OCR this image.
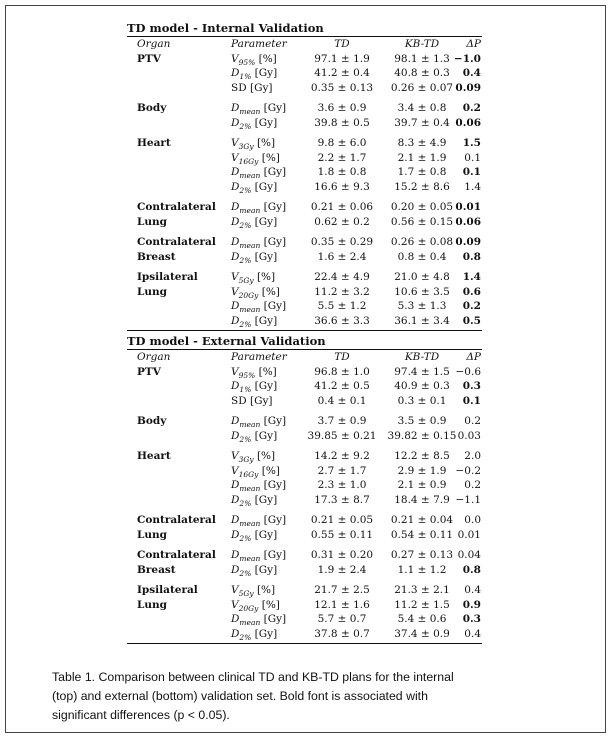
TD model - Internal Validation
Organ	Parameter	TD	KB-TD	ΔP
PTV	$V_{95\%}$ [%]	97.1 ± 1.9	98.1 ± 1.3 −1.0
$D_{1\%}$ [Gy]	41.2 ± 0.4	40.8 ± 0.3	0.4
SD [Gy]	0.35 ± 0.13	0.26 ± 0.07 0.09
Body	$D_{mean}$ [Gy]	3.6 ± 0.9	3.4 ± 0.8	0.2
$D_{2\%}$ [Gy]	39.8 ± 0.5	39.7 ± 0.4 0.06
Heart	$V_{3Gy}$ [%]	9.8 ± 6.0	8.3 ± 4.9	1.5
$V_{16Gy}$ [%]	2.2 ± 1.7	2.1 ± 1.9	0.1
$D_{mean}$ [Gy]	1.8 ± 0.8	1.7 ± 0.8	0.1
$D_{2\%}$ [Gy]	16.6 ± 9.3	15.2 ± 8.6	1.4
Contralateral $D_{mean}$ [Gy]	0.21 ± 0.06	0.20 ± 0.05 0.01
Lung	$D_{2\%}$ [Gy]	0.62 ± 0.2	0.56 ± 0.15 0.06
Contralateral $D_{mean}$ [Gy]	0.35 ± 0.29	0.26 ± 0.08 0.09
Breast	$D_{2\%}$ [Gy]	1.6 ± 2.4	0.8 ± 0.4	0.8
Ipsilateral	$V_{5Gy}$ [%]	22.4 ± 4.9	21.0 ± 4.8	1.4
Lung	$V_{20Gy}$ [%]	11.2 ± 3.2	10.6 ± 3.5	0.6
$D_{mean}$ [Gy]	5.5 ± 1.2	5.3 ± 1.3	0.2
$D_{2\%}$ [Gy]	36.6 ± 3.3	36.1 ± 3.4	0.5
TD model - External Validation
Organ	Parameter	TD	KB-TD	ΔP
PTV	$V_{95\%}$ [%]	96.8 ± 1.0	97.4 ± 1.5 −0.6
$D_{1\%}$ [Gy]	41.2 ± 0.5	40.9 ± 0.3	0.3
SD [Gy]	0.4 ± 0.1	0.3 ± 0.1	0.1
Body	$D_{mean}$ [Gy]	3.7 ± 0.9	3.5 ± 0.9	0.2
$D_{2\%}$ [Gy]	39.85 ± 0.21	39.82 ± 0.15 0.03
Heart	$V_{3Gy}$ [%]	14.2 ± 9.2	12.2 ± 8.5	2.0
$V_{16Gy}$ [%]	2.7 ± 1.7	2.9 ± 1.9 −0.2
$D_{mean}$ [Gy]	2.3 ± 1.0	2.1 ± 0.9	0.2
$D_{2\%}$ [Gy]	17.3 ± 8.7	18.4 ± 7.9 −1.1
Contralateral $D_{mean}$ [Gy]	0.21 ± 0.05	0.21 ± 0.04	0.0
Lung	$D_{2\%}$ [Gy]	0.55 ± 0.11	0.54 ± 0.11 0.01
Contralateral $D_{mean}$ [Gy]	0.31 ± 0.20	0.27 ± 0.13 0.04
Breast	$D_{2\%}$ [Gy]	1.9 ± 2.4	1.1 ± 1.2	0.8
Ipsilateral	$V_{5Gy}$ [%]	21.7 ± 2.5	21.3 ± 2.1	0.4
Lung	$V_{20Gy}$ [%]	12.1 ± 1.6	11.2 ± 1.5	0.9
$D_{mean}$ [Gy]	5.7 ± 0.7	5.4 ± 0.6	0.3
$D_{2\%}$ [Gy]	37.8 ± 0.7	37.4 ± 0.9	0.4
Table 1. Comparison between clinical TD and KB-TD plans for the internal
(top) and external (bottom) validation set. Bold font is associated with
significant differences (p < 0.05).
